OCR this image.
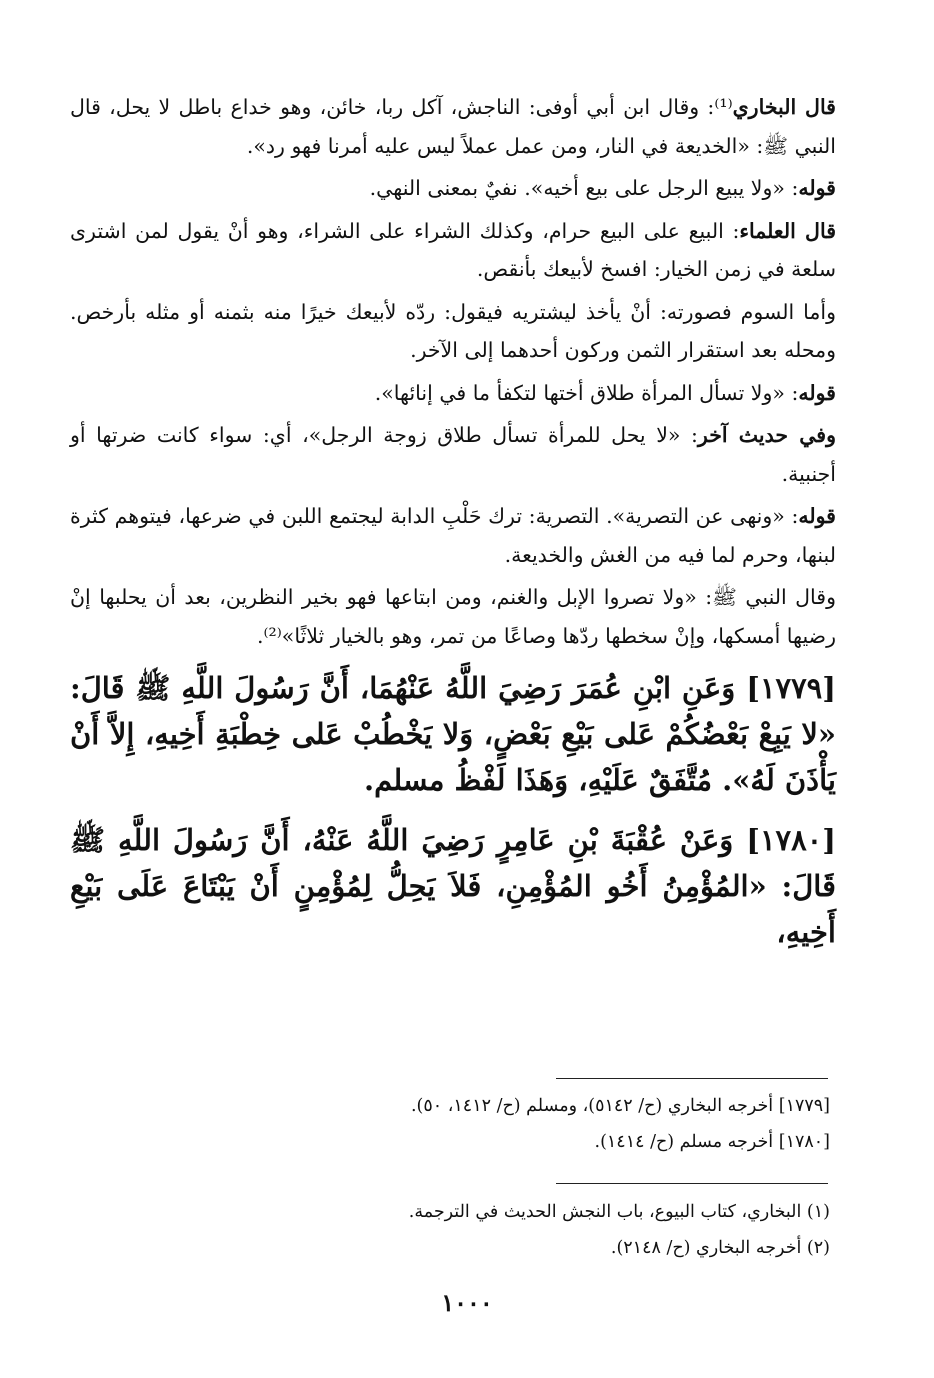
قال البخاري⁽¹⁾: وقال ابن أبي أوفى: الناجش، آكل ربا، خائن، وهو خداع باطل لا يحل، قال النبي ﷺ: «الخديعة في النار، ومن عمل عملاً ليس عليه أمرنا فهو رد».

قوله: «ولا يبيع الرجل على بيع أخيه». نفيٌ بمعنى النهي.

قال العلماء: البيع على البيع حرام، وكذلك الشراء على الشراء، وهو أنْ يقول لمن اشترى سلعة في زمن الخيار: افسخ لأبيعك بأنقص.

وأما السوم فصورته: أنْ يأخذ ليشتريه فيقول: ردّه لأبيعك خيرًا منه بثمنه أو مثله بأرخص. ومحله بعد استقرار الثمن وركون أحدهما إلى الآخر.

قوله: «ولا تسأل المرأة طلاق أختها لتكفأ ما في إنائها».

وفي حديث آخر: «لا يحل للمرأة تسأل طلاق زوجة الرجل»، أي: سواء كانت ضرتها أو أجنبية.

قوله: «ونهى عن التصرية». التصرية: ترك حَلْبِ الدابة ليجتمع اللبن في ضرعها، فيتوهم كثرة لبنها، وحرم لما فيه من الغش والخديعة.

وقال النبي ﷺ: «ولا تصروا الإبل والغنم، ومن ابتاعها فهو بخير النظرين، بعد أن يحلبها إنْ رضيها أمسكها، وإنْ سخطها ردّها وصاعًا من تمر، وهو بالخيار ثلاثًا»⁽²⁾.

[١٧٧٩] وَعَنِ ابْنِ عُمَرَ رَضِيَ اللَّهُ عَنْهُمَا، أَنَّ رَسُولَ اللَّهِ ﷺ قَالَ: «لا يَبِعْ بَعْضُكُمْ عَلى بَيْعِ بَعْضٍ، وَلا يَخْطُبْ عَلى خِطْبَةِ أَخِيهِ، إِلاَّ أَنْ يَأْذَنَ لَهُ». مُتَّفَقٌ عَلَيْهِ، وَهَذَا لَفْظُ مسلم.

[١٧٨٠] وَعَنْ عُقْبَةَ بْنِ عَامِرٍ رَضِيَ اللَّهُ عَنْهُ، أَنَّ رَسُولَ اللَّهِ ﷺ قَالَ: «المُؤْمِنُ أَخُو المُؤْمِنِ، فَلاَ يَحِلُّ لِمُؤْمِنٍ أَنْ يَبْتَاعَ عَلَى بَيْعِ أَخِيهِ،

[١٧٧٩] أخرجه البخاري (ح/ ٥١٤٢)، ومسلم (ح/ ١٤١٢، ٥٠).
[١٧٨٠] أخرجه مسلم (ح/ ١٤١٤).
(١) البخاري، كتاب البيوع، باب النجش الحديث في الترجمة.
(٢) أخرجه البخاري (ح/ ٢١٤٨).
١٠٠٠
